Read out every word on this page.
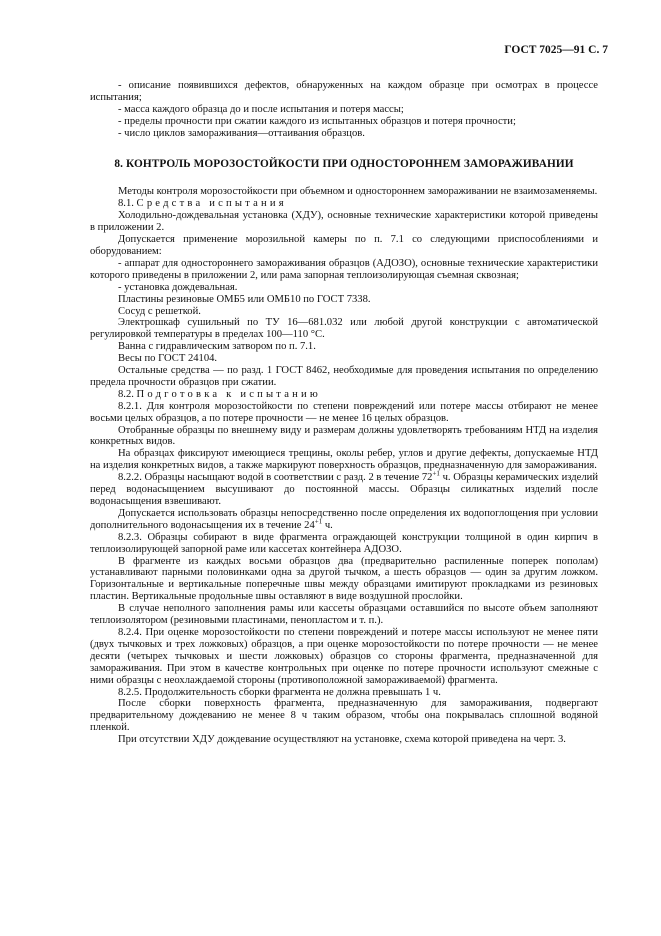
ГОСТ 7025—91 С. 7

- описание появившихся дефектов, обнаруженных на каждом образце при осмотрах в процессе испытания;

- масса каждого образца до и после испытания и потеря массы;

- пределы прочности при сжатии каждого из испытанных образцов и потеря прочности;

- число циклов замораживания—оттаивания образцов.

8. КОНТРОЛЬ МОРОЗОСТОЙКОСТИ ПРИ ОДНОСТОРОННЕМ ЗАМОРАЖИВАНИИ

Методы контроля морозостойкости при объемном и одностороннем замораживании не взаимозаменяемы.

8.1. Средства испытания

Холодильно-дождевальная установка (ХДУ), основные технические характеристики которой приведены в приложении 2.

Допускается применение морозильной камеры по п. 7.1 со следующими приспособлениями и оборудованием:

- аппарат для одностороннего замораживания образцов (АДОЗО), основные технические характеристики которого приведены в приложении 2, или рама запорная теплоизолирующая съемная сквозная;

- установка дождевальная.

Пластины резиновые ОМБ5 или ОМБ10 по ГОСТ 7338.

Сосуд с решеткой.

Электрошкаф сушильный по ТУ 16—681.032 или любой другой конструкции с автоматической регулировкой температуры в пределах 100—110 °С.

Ванна с гидравлическим затвором по п. 7.1.

Весы по ГОСТ 24104.

Остальные средства — по разд. 1 ГОСТ 8462, необходимые для проведения испытания по определению предела прочности образцов при сжатии.

8.2. Подготовка к испытанию

8.2.1. Для контроля морозостойкости по степени повреждений или потере массы отбирают не менее восьми целых образцов, а по потере прочности — не менее 16 целых образцов.

Отобранные образцы по внешнему виду и размерам должны удовлетворять требованиям НТД на изделия конкретных видов.

На образцах фиксируют имеющиеся трещины, околы ребер, углов и другие дефекты, допускаемые НТД на изделия конкретных видов, а также маркируют поверхность образцов, предназначенную для замораживания.

8.2.2. Образцы насыщают водой в соответствии с разд. 2 в течение $72^{+1}$ ч. Образцы керамических изделий перед водонасыщением высушивают до постоянной массы. Образцы силикатных изделий после водонасыщения взвешивают.

Допускается использовать образцы непосредственно после определения их водопоглощения при условии дополнительного водонасыщения их в течение $24^{+1}$ ч.

8.2.3. Образцы собирают в виде фрагмента ограждающей конструкции толщиной в один кирпич в теплоизолирующей запорной раме или кассетах контейнера АДОЗО.

В фрагменте из каждых восьми образцов два (предварительно распиленные поперек пополам) устанавливают парными половинками одна за другой тычком, а шесть образцов — один за другим ложком. Горизонтальные и вертикальные поперечные швы между образцами имитируют прокладками из резиновых пластин. Вертикальные продольные швы оставляют в виде воздушной прослойки.

В случае неполного заполнения рамы или кассеты образцами оставшийся по высоте объем заполняют теплоизолятором (резиновыми пластинами, пенопластом и т. п.).

8.2.4. При оценке морозостойкости по степени повреждений и потере массы используют не менее пяти (двух тычковых и трех ложковых) образцов, а при оценке морозостойкости по потере прочности — не менее десяти (четырех тычковых и шести ложковых) образцов со стороны фрагмента, предназначенной для замораживания. При этом в качестве контрольных при оценке по потере прочности используют смежные с ними образцы с неохлаждаемой стороны (противоположной замораживаемой) фрагмента.

8.2.5. Продолжительность сборки фрагмента не должна превышать 1 ч.

После сборки поверхность фрагмента, предназначенную для замораживания, подвергают предварительному дождеванию не менее 8 ч таким образом, чтобы она покрывалась сплошной водяной пленкой.

При отсутствии ХДУ дождевание осуществляют на установке, схема которой приведена на черт. 3.
